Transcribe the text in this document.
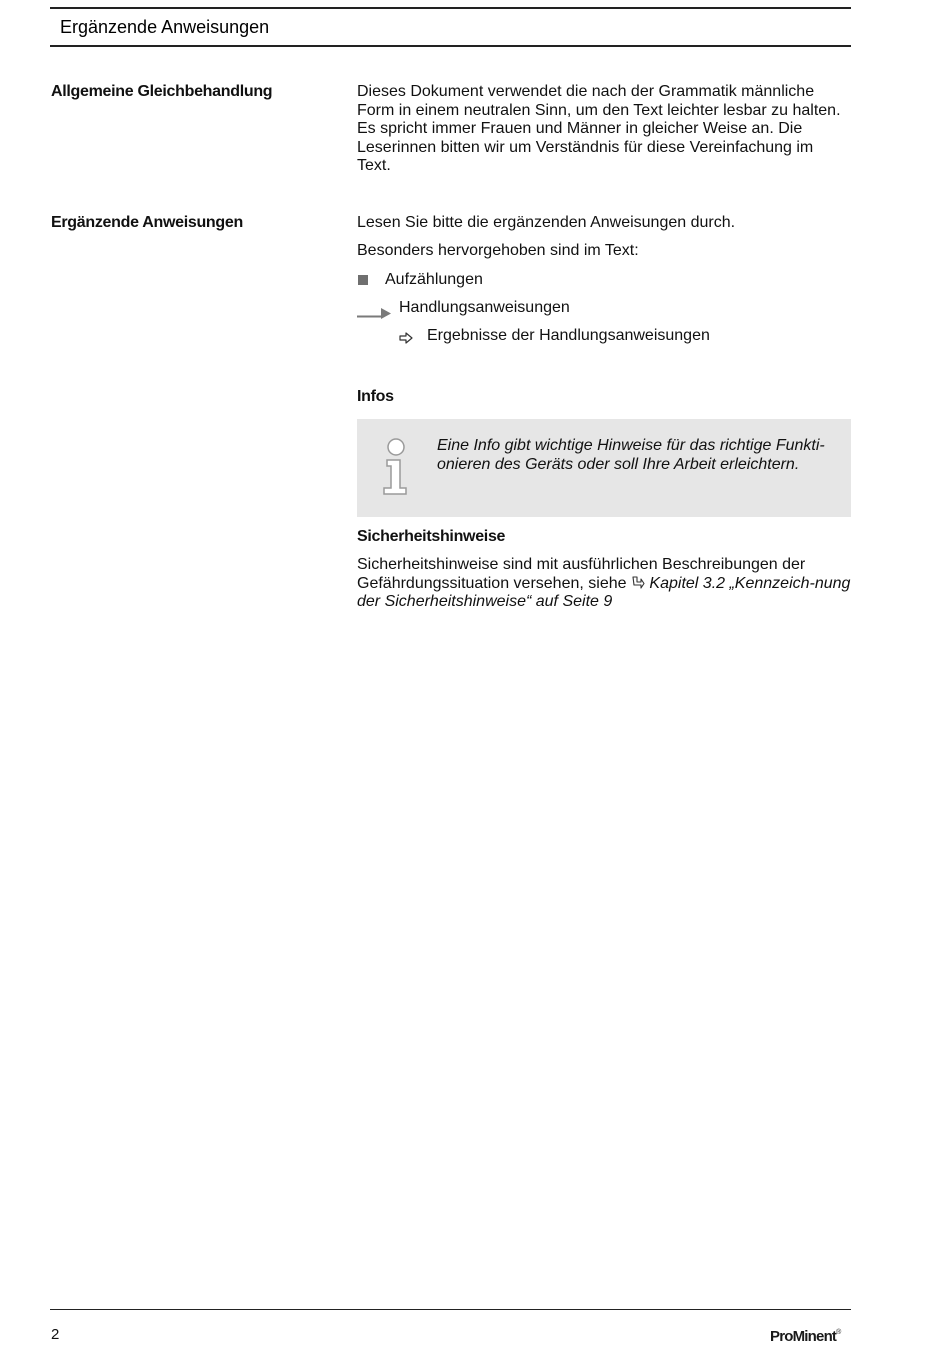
Ergänzende Anweisungen
Allgemeine Gleichbehandlung	Dieses Dokument verwendet die nach der Grammatik männliche Form in einem neutralen Sinn, um den Text leichter lesbar zu halten. Es spricht immer Frauen und Männer in gleicher Weise an. Die Leserinnen bitten wir um Verständnis für diese Vereinfachung im Text.
Ergänzende Anweisungen	Lesen Sie bitte die ergänzenden Anweisungen durch.
Besonders hervorgehoben sind im Text:
Aufzählungen
Handlungsanweisungen
Ergebnisse der Handlungsanweisungen
Infos
Eine Info gibt wichtige Hinweise für das richtige Funkti-onieren des Geräts oder soll Ihre Arbeit erleichtern.
Sicherheitshinweise
Sicherheitshinweise sind mit ausführlichen Beschreibungen der Gefährdungssituation versehen, siehe Kapitel 3.2 „Kennzeich-nung der Sicherheitshinweise“ auf Seite 9
2	ProMinent®
